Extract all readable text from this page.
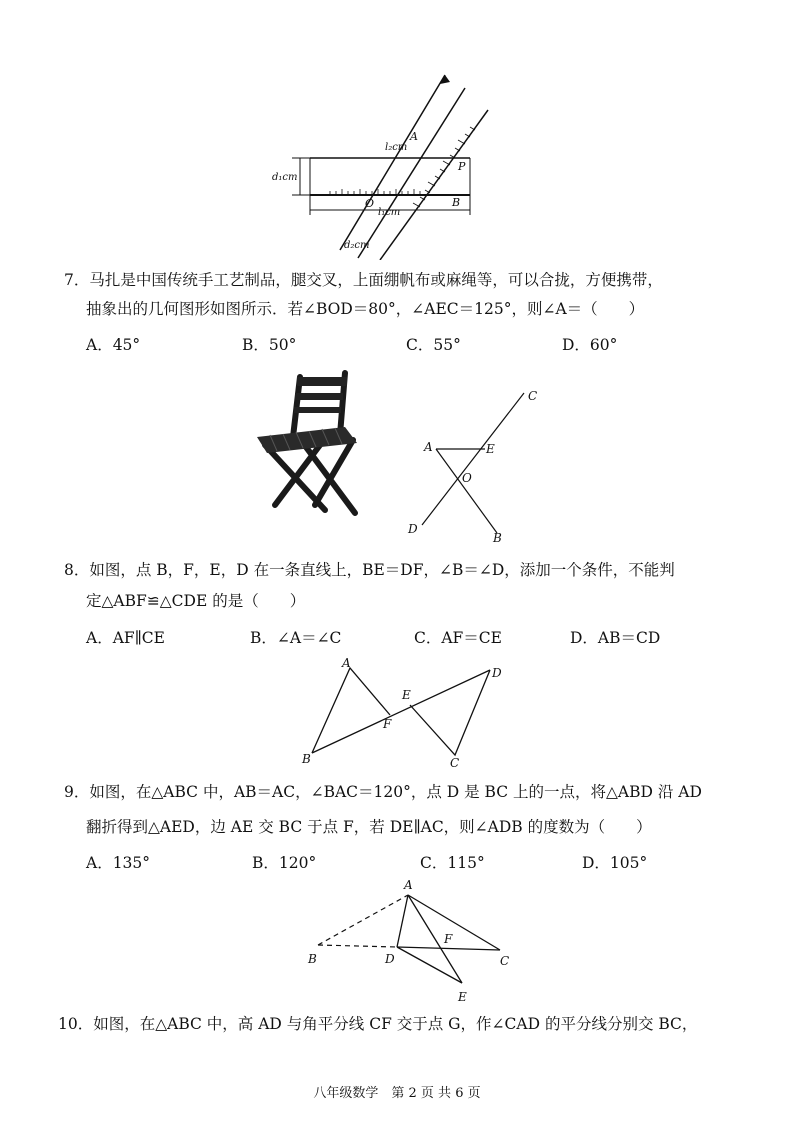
l₂cm
A
P
d₁cm
O
l₁cm
B
d₂cm
7．马扎是中国传统手工艺制品，腿交叉，上面绷帆布或麻绳等，可以合拢，方便携带，
抽象出的几何图形如图所示．若∠BOD＝80°，∠AEC＝125°，则∠A＝（　　）
A．45°	B．50°	C．55°	D．60°
C
A	E
O
D
B
8．如图，点 B，F，E，D 在一条直线上，BE＝DF，∠B＝∠D，添加一个条件，不能判
定△ABF≌△CDE 的是（　　）
A．AF∥CE	B．∠A＝∠C	C．AF＝CE	D．AB＝CD
A
D
E
F
B	C
9．如图，在△ABC 中，AB＝AC，∠BAC＝120°，点 D 是 BC 上的一点，将△ABD 沿 AD
翻折得到△AED，边 AE 交 BC 于点 F，若 DE∥AC，则∠ADB 的度数为（　　）
A．135°	B．120°	C．115°	D．105°
A
F
B	D	C
E
10．如图，在△ABC 中，高 AD 与角平分线 CF 交于点 G，作∠CAD 的平分线分别交 BC，
八年级数学　第 2 页 共 6 页
